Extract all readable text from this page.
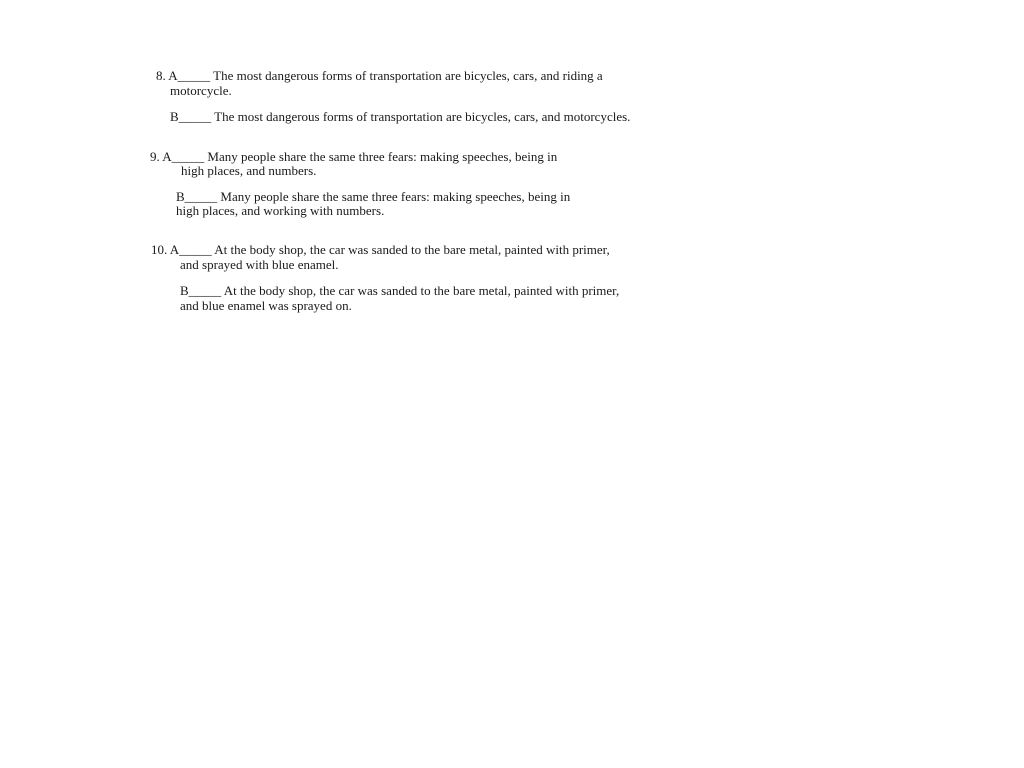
8. A_____ The most dangerous forms of transportation are bicycles, cars, and riding a
motorcycle.
B_____ The most dangerous forms of transportation are bicycles, cars, and motorcycles.
9. A_____ Many people share the same three fears: making speeches, being in
high places, and numbers.
B_____ Many people share the same three fears: making speeches, being in
high places, and working with numbers.
10. A_____ At the body shop, the car was sanded to the bare metal, painted with primer,
and sprayed with blue enamel.
B_____ At the body shop, the car was sanded to the bare metal, painted with primer,
and blue enamel was sprayed on.
